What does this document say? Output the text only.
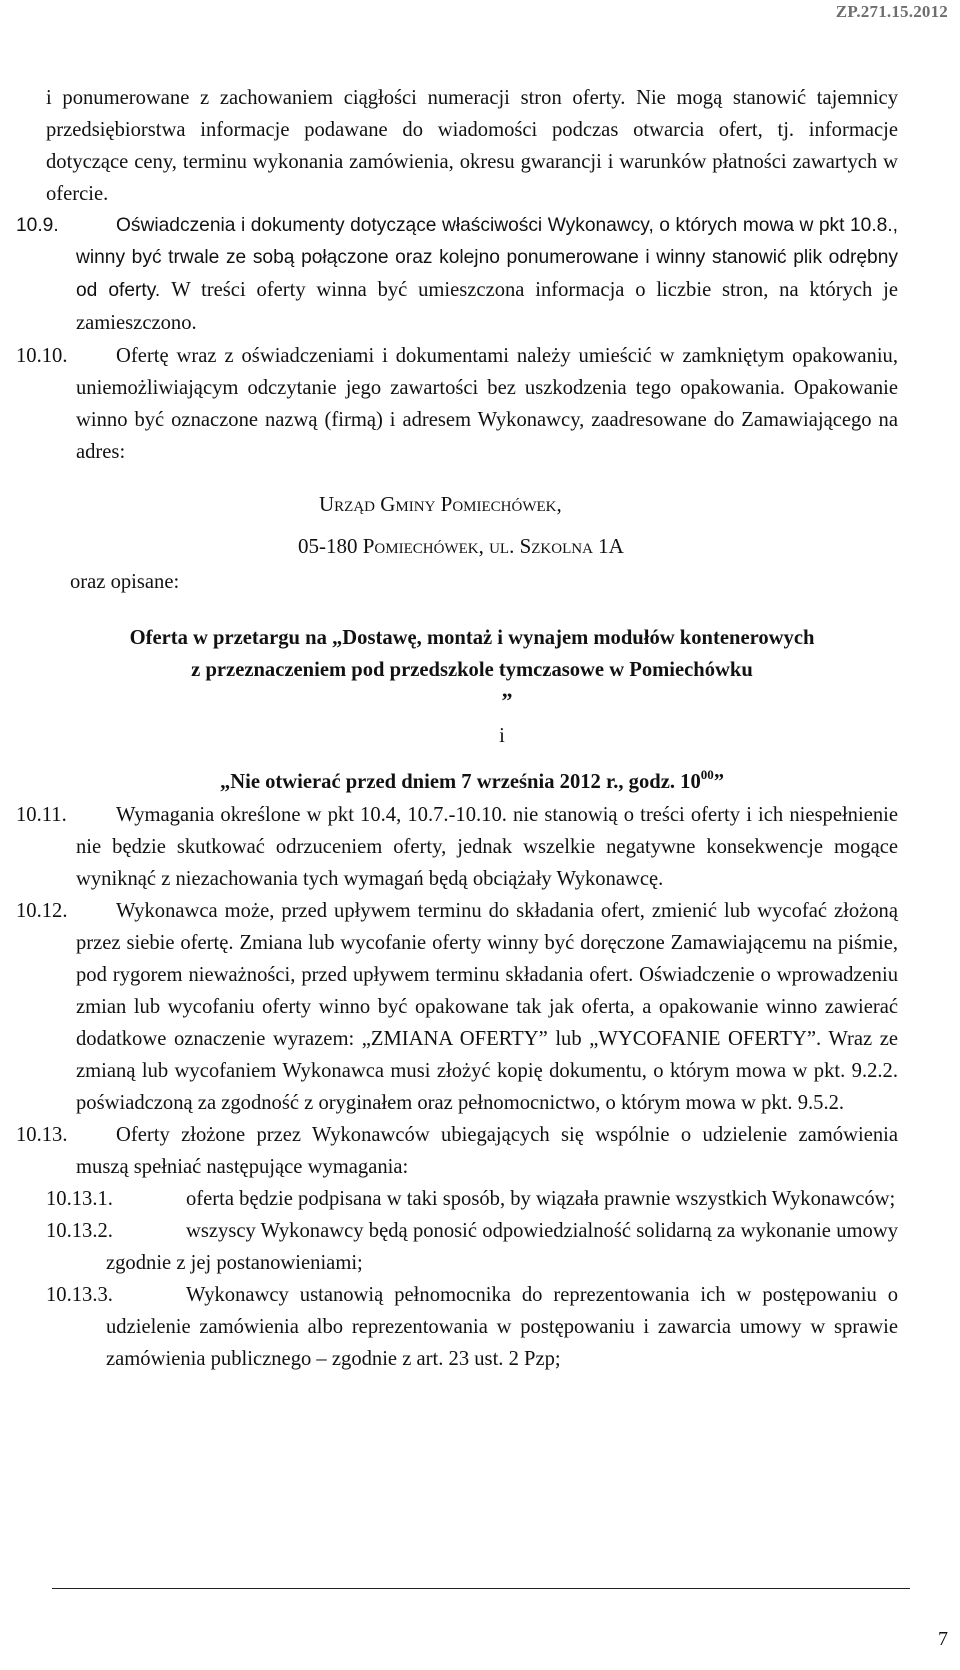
ZP.271.15.2012

i ponumerowane z zachowaniem ciągłości numeracji stron oferty. Nie mogą stanowić tajemnicy przedsiębiorstwa informacje podawane do wiadomości podczas otwarcia ofert, tj. informacje dotyczące ceny, terminu wykonania zamówienia, okresu gwarancji i warunków płatności zawartych w ofercie.

10.9.	Oświadczenia i dokumenty dotyczące właściwości Wykonawcy, o których mowa w pkt 10.8., winny być trwale ze sobą połączone oraz kolejno ponumerowane i winny stanowić plik odrębny od oferty. W treści oferty winna być umieszczona informacja o liczbie stron, na których je zamieszczono.

10.10. Ofertę wraz z oświadczeniami i dokumentami należy umieścić w zamkniętym opakowaniu, uniemożliwiającym odczytanie jego zawartości bez uszkodzenia tego opakowania. Opakowanie winno być oznaczone nazwą (firmą) i adresem Wykonawcy, zaadresowane do Zamawiającego na adres:

Urząd Gminy Pomiechówek,
05-180 Pomiechówek, ul. Szkolna 1A
oraz opisane:
Oferta w przetargu na „Dostawę, montaż i wynajem modułów kontenerowych
z przeznaczeniem pod przedszkole tymczasowe w Pomiechówku
”
i
„Nie otwierać przed dniem 7 września 2012 r., godz. $10^{00}$”

10.11. Wymagania określone w pkt 10.4, 10.7.-10.10. nie stanowią o treści oferty i ich niespełnienie nie będzie skutkować odrzuceniem oferty, jednak wszelkie negatywne konsekwencje mogące wyniknąć z niezachowania tych wymagań będą obciążały Wykonawcę.

10.12. Wykonawca może, przed upływem terminu do składania ofert, zmienić lub wycofać złożoną przez siebie ofertę. Zmiana lub wycofanie oferty winny być doręczone Zamawiającemu na piśmie, pod rygorem nieważności, przed upływem terminu składania ofert. Oświadczenie o wprowadzeniu zmian lub wycofaniu oferty winno być opakowane tak jak oferta, a opakowanie winno zawierać dodatkowe oznaczenie wyrazem: „ZMIANA OFERTY” lub „WYCOFANIE OFERTY”. Wraz ze zmianą lub wycofaniem Wykonawca musi złożyć kopię dokumentu, o którym mowa w pkt. 9.2.2. poświadczoną za zgodność z oryginałem oraz pełnomocnictwo, o którym mowa w pkt. 9.5.2.

10.13. Oferty złożone przez Wykonawców ubiegających się wspólnie o udzielenie zamówienia muszą spełniać następujące wymagania:

10.13.1.	oferta będzie podpisana w taki sposób, by wiązała prawnie wszystkich Wykonawców;

10.13.2.	wszyscy Wykonawcy będą ponosić odpowiedzialność solidarną za wykonanie umowy zgodnie z jej postanowieniami;

10.13.3.	Wykonawcy ustanowią pełnomocnika do reprezentowania ich w postępowaniu o udzielenie zamówienia albo reprezentowania w postępowaniu i zawarcia umowy w sprawie zamówienia publicznego – zgodnie z art. 23 ust. 2 Pzp;

7
